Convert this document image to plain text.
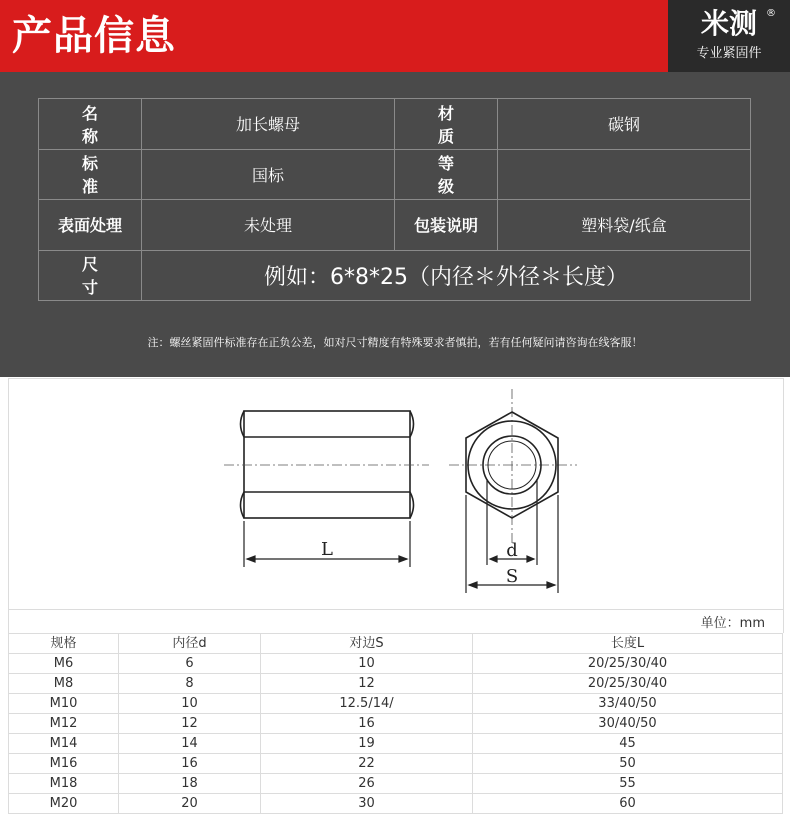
产品信息	米测 ®
专业紧固件
名称	加长螺母	材质	碳钢
标准	国标	等级	
表面处理	未处理	包装说明	塑料袋/纸盒
尺寸	例如：6*8*25（内径＊外径＊长度）		
注：螺丝紧固件标准存在正负公差，如对尺寸精度有特殊要求者慎拍，若有任何疑问请咨询在线客服！
L	d
S
单位：mm
规格	内径d	对边S	长度L
M6	6	10	20/25/30/40
M8	8	12	20/25/30/40
M10	10	12.5/14/	33/40/50
M12	12	16	30/40/50
M14	14	19	45
M16	16	22	50
M18	18	26	55
M20	20	30	60
